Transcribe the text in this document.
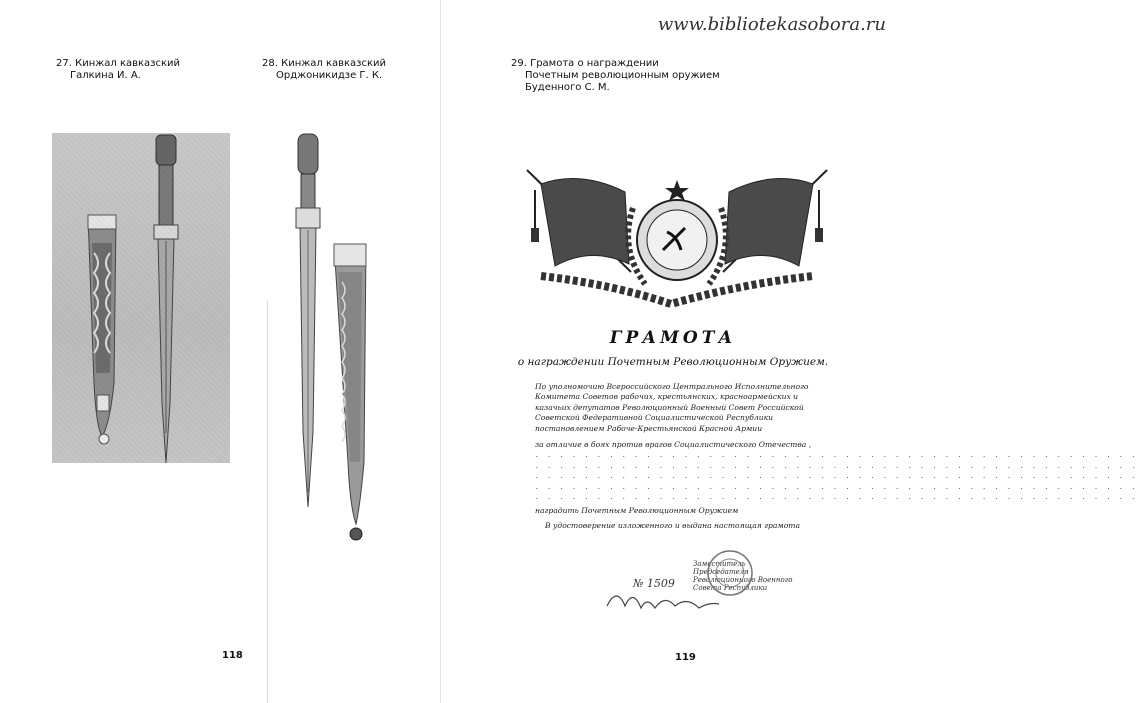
27. Кинжал кавказский
Галкина И. А.
28. Кинжал кавказский
Орджоникидзе Г. К.
118
29. Грамота о награждении
Почетным революционным оружием
Буденного С. М.
ГРАМОТА
о награждении Почетным Революционным Оружием.

По уполномочию Всероссийского Центрального Исполнительного Комитета Советов рабочих, крестьянских, красноармейских и казачьих депутатов Революционный Военный Совет Российской Советской Федеративной Социалистической Республики постановлением Рабоче-Крестьянской Красной Армии

за отличие в боях против врагов Социалистического Отечества ,

. . . . . . . . . . . . . . . . . . . . . . . . . . . . . . . . . . . . . . . . . . . . . . . . .
. . . . . . . . . . . . . . . . . . . . . . . . . . . . . . . . . . . . . . . . . . . . . . . . .
. . . . . . . . . . . . . . . . . . . . . . . . . . . . . . . . . . . . . . . . . . . . . . . . .
. . . . . . . . . . . . . . . . . . . . . . . . . . . . . . . . . . . . . . . . . . . . . . . . .
. . . . . . . . . . . . . . . . . . . . . . . . . . . . . . . . . . . . . . . . . . . . . . . . .

наградить Почетным Революционным Оружием

В удостоверение изложенного и выдана настоящая грамота

Заместитель Председателя Революционного Военного Совета Республики
№ 1509
119
www.bibliotekasobora.ru
